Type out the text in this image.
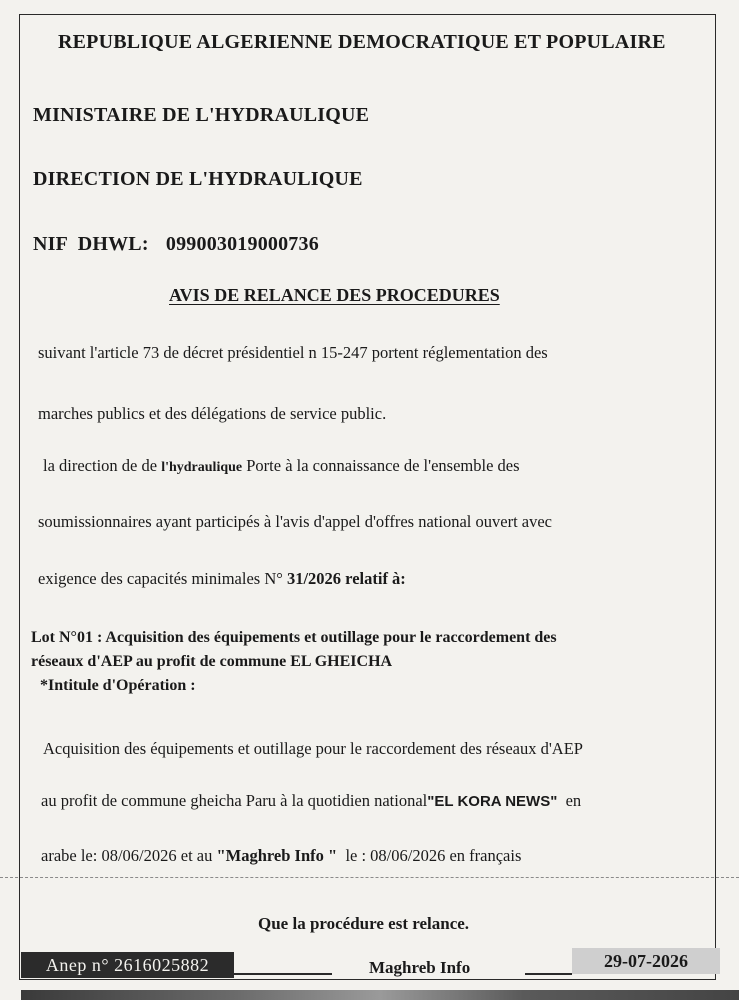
REPUBLIQUE ALGERIENNE DEMOCRATIQUE ET POPULAIRE
MINISTAIRE DE L'HYDRAULIQUE
DIRECTION DE L'HYDRAULIQUE
NIF  DHWL: 099003019000736
AVIS DE RELANCE DES PROCEDURES
suivant l'article 73 de décret présidentiel n 15-247 portent réglementation des
marches publics et des délégations de service public.
la direction de de l'hydraulique Porte à la connaissance de l'ensemble des
soumissionnaires ayant participés à l'avis d'appel d'offres national ouvert avec
exigence des capacités minimales N° 31/2026 relatif à:
Lot N°01 : Acquisition des équipements et outillage pour le raccordement des
réseaux d'AEP au profit de commune EL GHEICHA
*Intitule d'Opération :
Acquisition des équipements et outillage pour le raccordement des réseaux d'AEP
au profit de commune gheicha Paru à la quotidien national"EL KORA NEWS"  en
arabe le: 08/06/2026 et au "Maghreb Info "  le : 08/06/2026 en français
Que la procédure est relance.
Anep n° 2616025882	Maghreb Info	29-07-2026
